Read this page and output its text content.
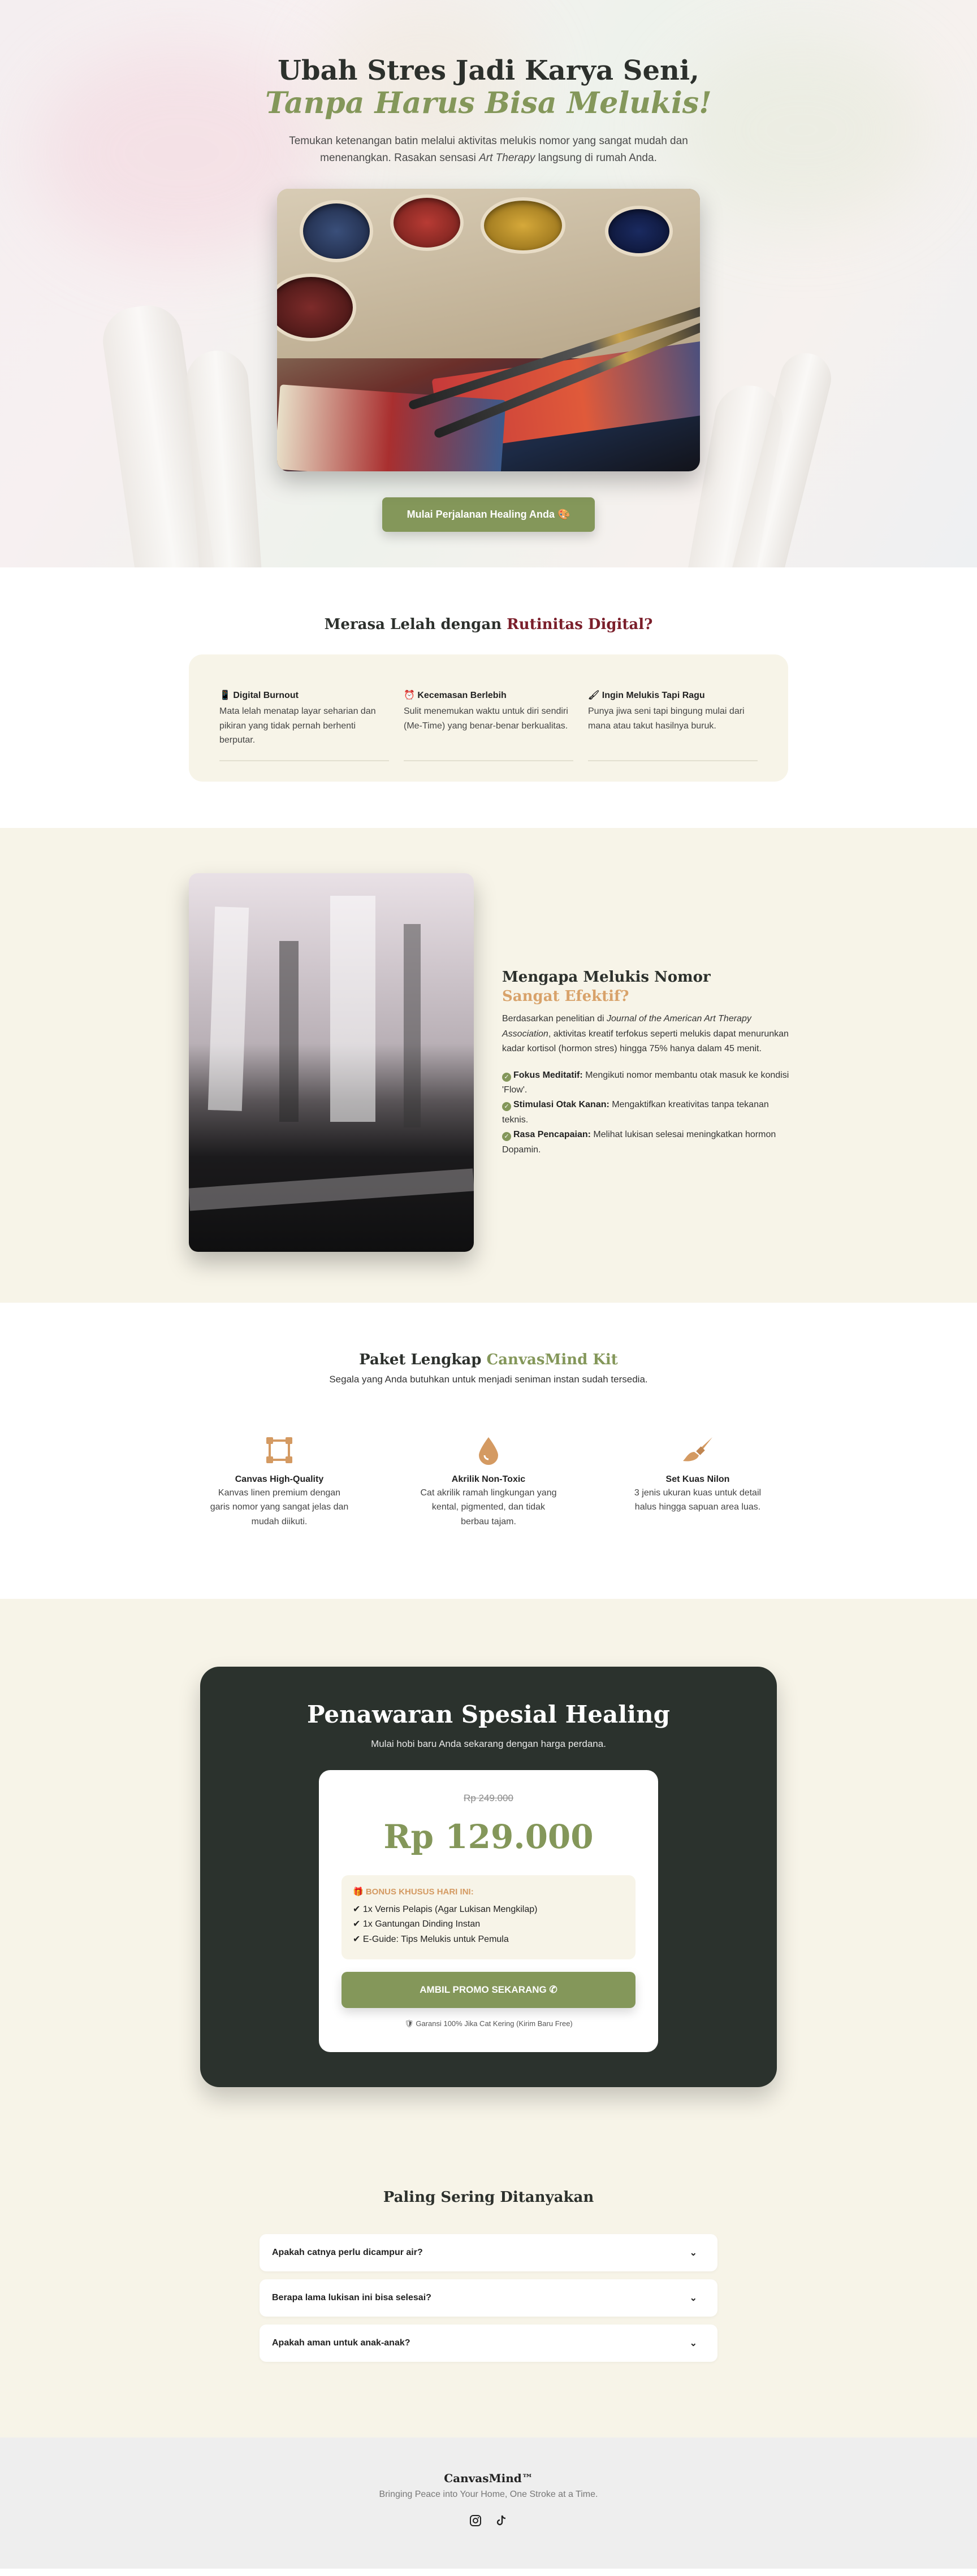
Ubah Stres Jadi Karya Seni,
Tanpa Harus Bisa Melukis!

Temukan ketenangan batin melalui aktivitas melukis nomor yang sangat mudah dan menenangkan. Rasakan sensasi Art Therapy langsung di rumah Anda.

Mulai Perjalanan Healing Anda 🎨
Merasa Lelah dengan Rutinitas Digital?
📱 Digital Burnout

Mata lelah menatap layar seharian dan pikiran yang tidak pernah berhenti berputar.

⏰ Kecemasan Berlebih

Sulit menemukan waktu untuk diri sendiri (Me-Time) yang benar-benar berkualitas.

🖌 Ingin Melukis Tapi Ragu

Punya jiwa seni tapi bingung mulai dari mana atau takut hasilnya buruk.

Mengapa Melukis Nomor
Sangat Efektif?

Berdasarkan penelitian di Journal of the American Art Therapy Association, aktivitas kreatif terfokus seperti melukis dapat menurunkan kadar kortisol (hormon stres) hingga 75% hanya dalam 45 menit.

✓ Fokus Meditatif: Mengikuti nomor membantu otak masuk ke kondisi 'Flow'.
✓ Stimulasi Otak Kanan: Mengaktifkan kreativitas tanpa tekanan teknis.
✓ Rasa Pencapaian: Melihat lukisan selesai meningkatkan hormon Dopamin.
Paket Lengkap CanvasMind Kit

Segala yang Anda butuhkan untuk menjadi seniman instan sudah tersedia.

Canvas High-Quality

Kanvas linen premium dengan garis nomor yang sangat jelas dan mudah diikuti.

Akrilik Non-Toxic

Cat akrilik ramah lingkungan yang kental, pigmented, dan tidak berbau tajam.

Set Kuas Nilon

3 jenis ukuran kuas untuk detail halus hingga sapuan area luas.

Penawaran Spesial Healing

Mulai hobi baru Anda sekarang dengan harga perdana.

Rp 249.000
Rp 129.000
🎁 BONUS KHUSUS HARI INI:
✔ 1x Vernis Pelapis (Agar Lukisan Mengkilap)
✔ 1x Gantungan Dinding Instan
✔ E-Guide: Tips Melukis untuk Pemula
AMBIL PROMO SEKARANG ✆

🛡 Garansi 100% Jika Cat Kering (Kirim Baru Free)

Paling Sering Ditanyakan
Apakah catnya perlu dicampur air?	⌄
Berapa lama lukisan ini bisa selesai?	⌄
Apakah aman untuk anak-anak?	⌄
CanvasMind™
Bringing Peace into Your Home, One Stroke at a Time.
